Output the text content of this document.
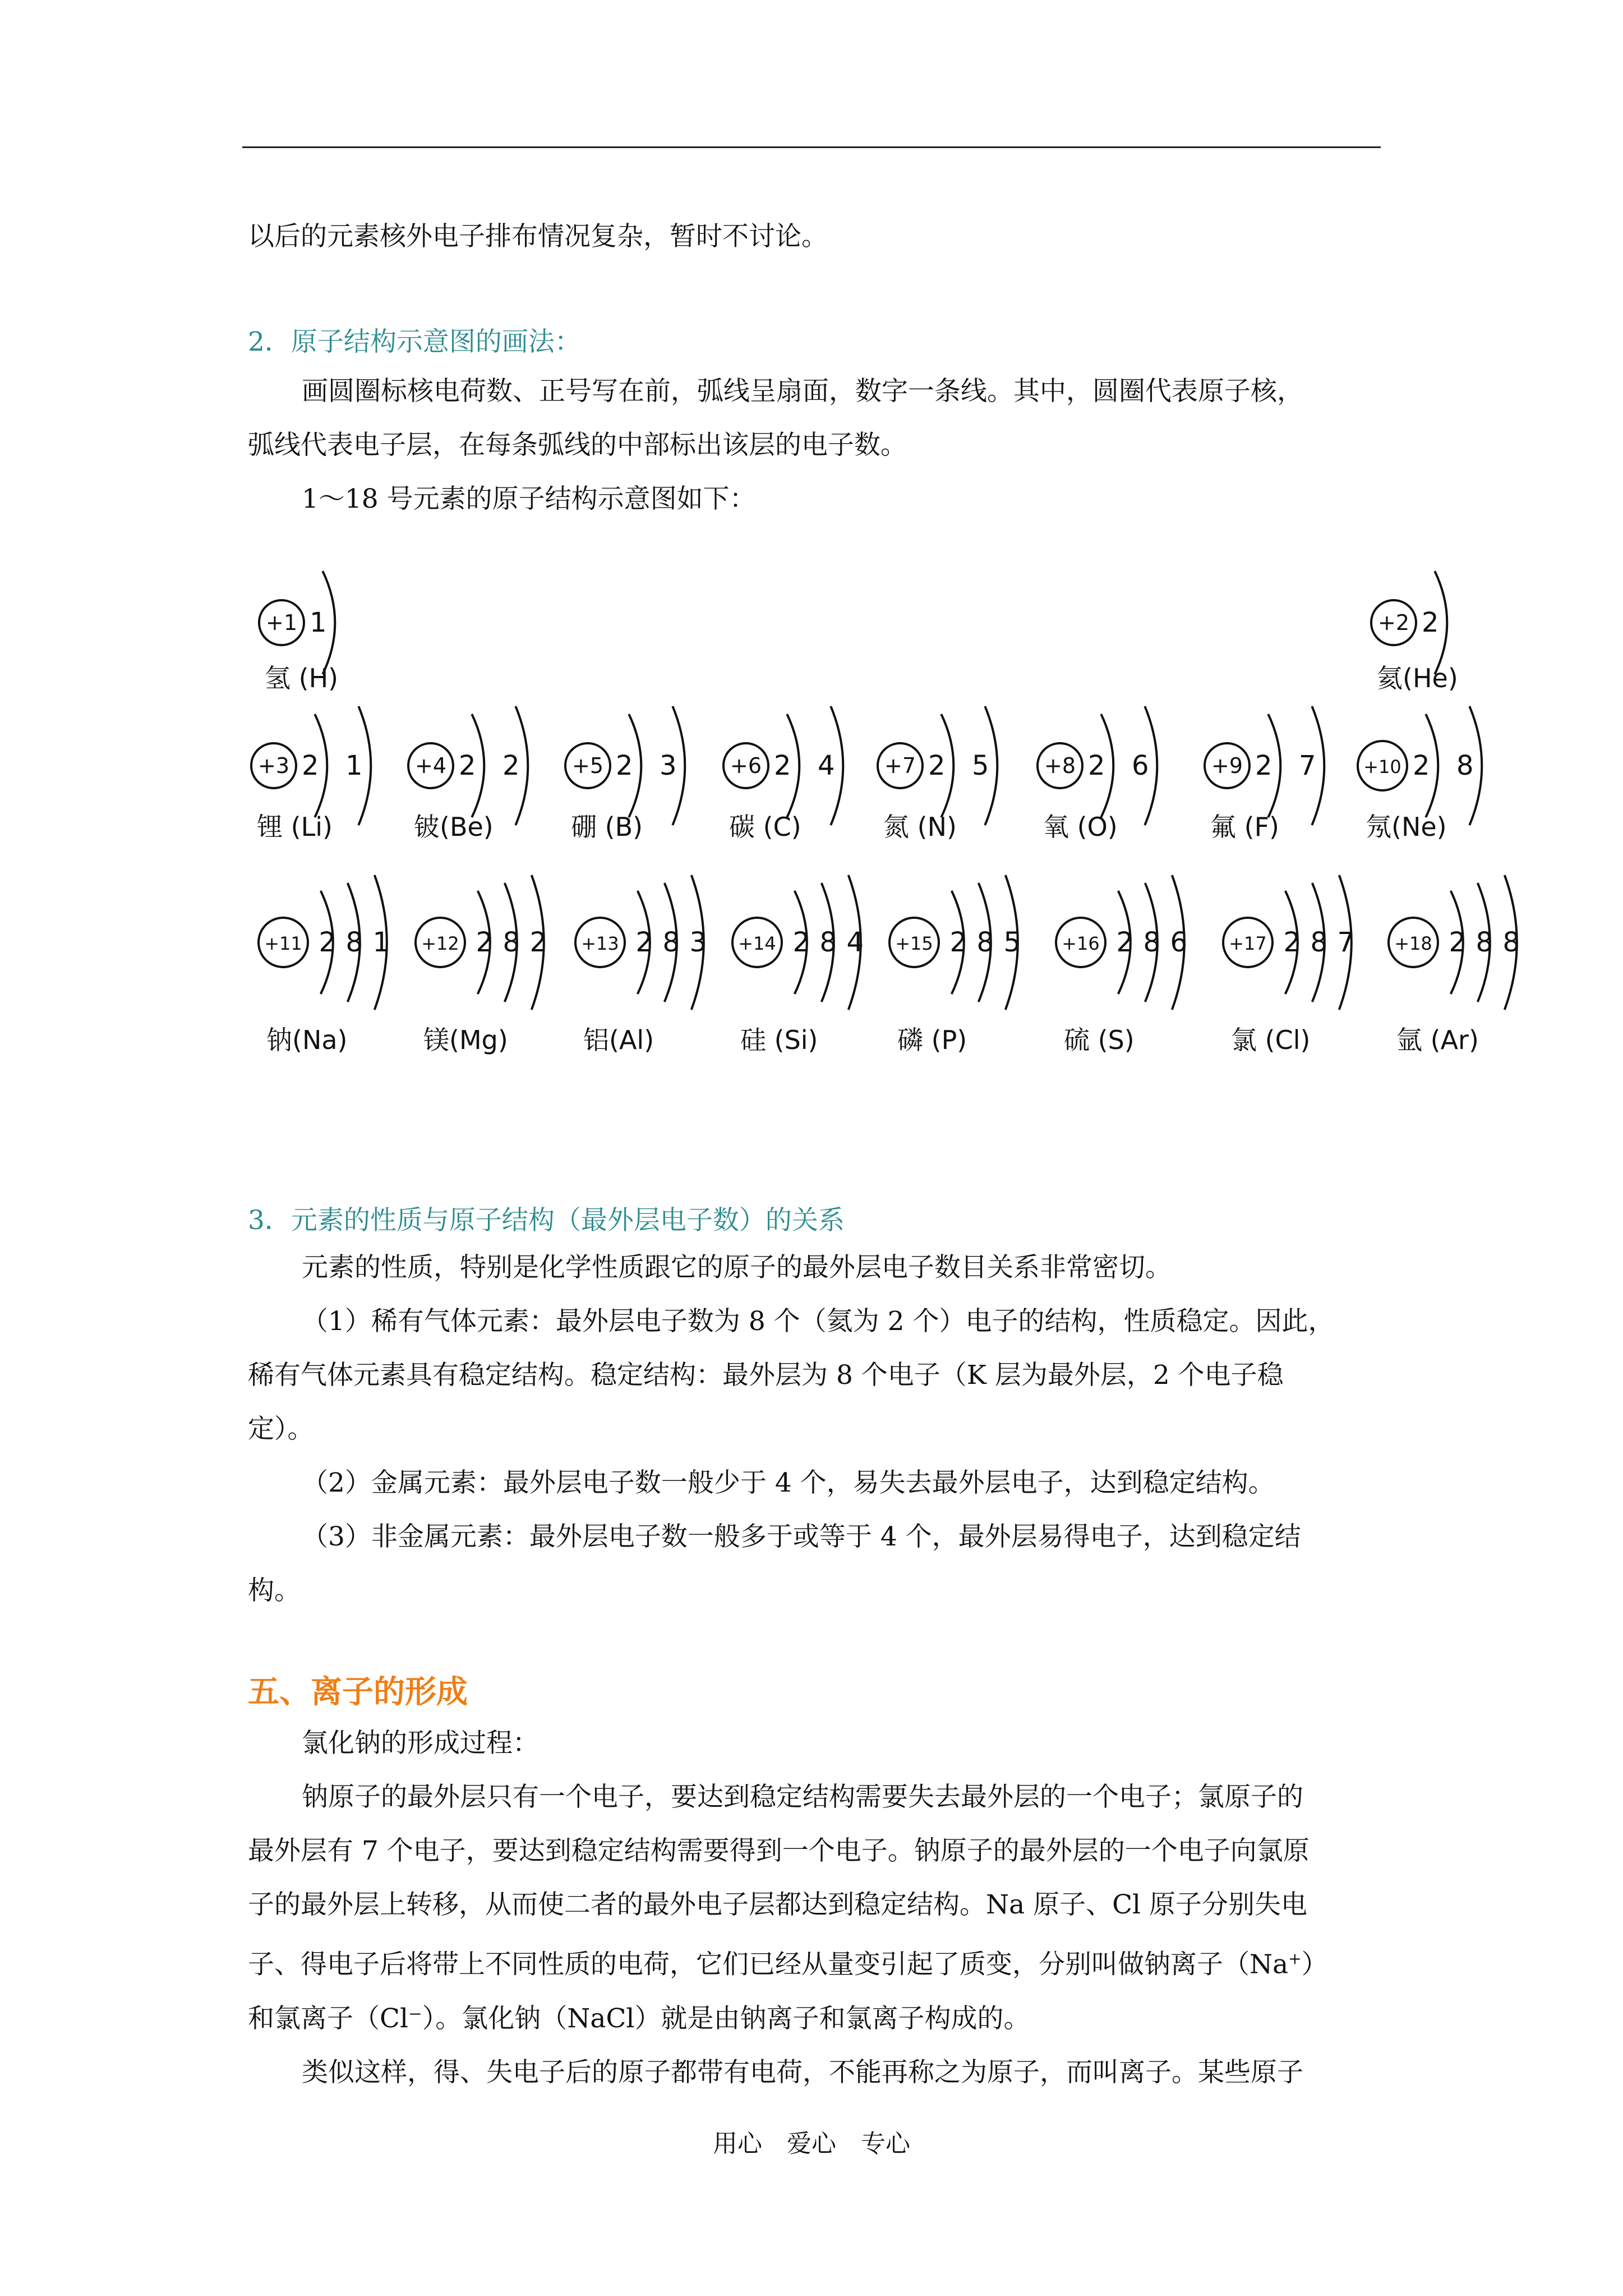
以后的元素核外电子排布情况复杂，暂时不讨论。

2．原子结构示意图的画法：

画圆圈标核电荷数、正号写在前，弧线呈扇面，数字一条线。其中，圆圈代表原子核，
弧线代表电子层，在每条弧线的中部标出该层的电子数。
1～18 号元素的原子结构示意图如下：
+1 1
氢 (H)
+2 2
氦(He)
+3 2 1
锂 (Li)
+4 2 2
铍(Be)
+5 2 3
硼 (B)
+6 2 4
碳 (C)
+7 2 5
氮 (N)
+8 2 6
氧 (O)
+9 2 7
氟 (F)
+10 2 8
氖(Ne)
+11 2 8 1
钠(Na)
+12 2 8 2
镁(Mg)
+13 2 8 3
铝(Al)
+14 2 8 4
硅 (Si)
+15 2 8 5
磷 (P)
+16 2 8 6
硫 (S)
+17 2 8 7
氯 (Cl)
+18 2 8 8
氩 (Ar)

3．元素的性质与原子结构（最外层电子数）的关系

元素的性质，特别是化学性质跟它的原子的最外层电子数目关系非常密切。
（1）稀有气体元素：最外层电子数为 8 个（氦为 2 个）电子的结构，性质稳定。因此，
稀有气体元素具有稳定结构。稳定结构：最外层为 8 个电子（K 层为最外层，2 个电子稳
定）。
（2）金属元素：最外层电子数一般少于 4 个，易失去最外层电子，达到稳定结构。
（3）非金属元素：最外层电子数一般多于或等于 4 个，最外层易得电子，达到稳定结
构。

五、离子的形成

氯化钠的形成过程：
钠原子的最外层只有一个电子，要达到稳定结构需要失去最外层的一个电子；氯原子的
最外层有 7 个电子，要达到稳定结构需要得到一个电子。钠原子的最外层的一个电子向氯原
子的最外层上转移，从而使二者的最外电子层都达到稳定结构。Na 原子、Cl 原子分别失电
子、得电子后将带上不同性质的电荷，它们已经从量变引起了质变，分别叫做钠离子（Na+）
和氯离子（Cl⁻）。氯化钠（NaCl）就是由钠离子和氯离子构成的。
类似这样，得、失电子后的原子都带有电荷，不能再称之为原子，而叫离子。某些原子
用心　爱心　专心
